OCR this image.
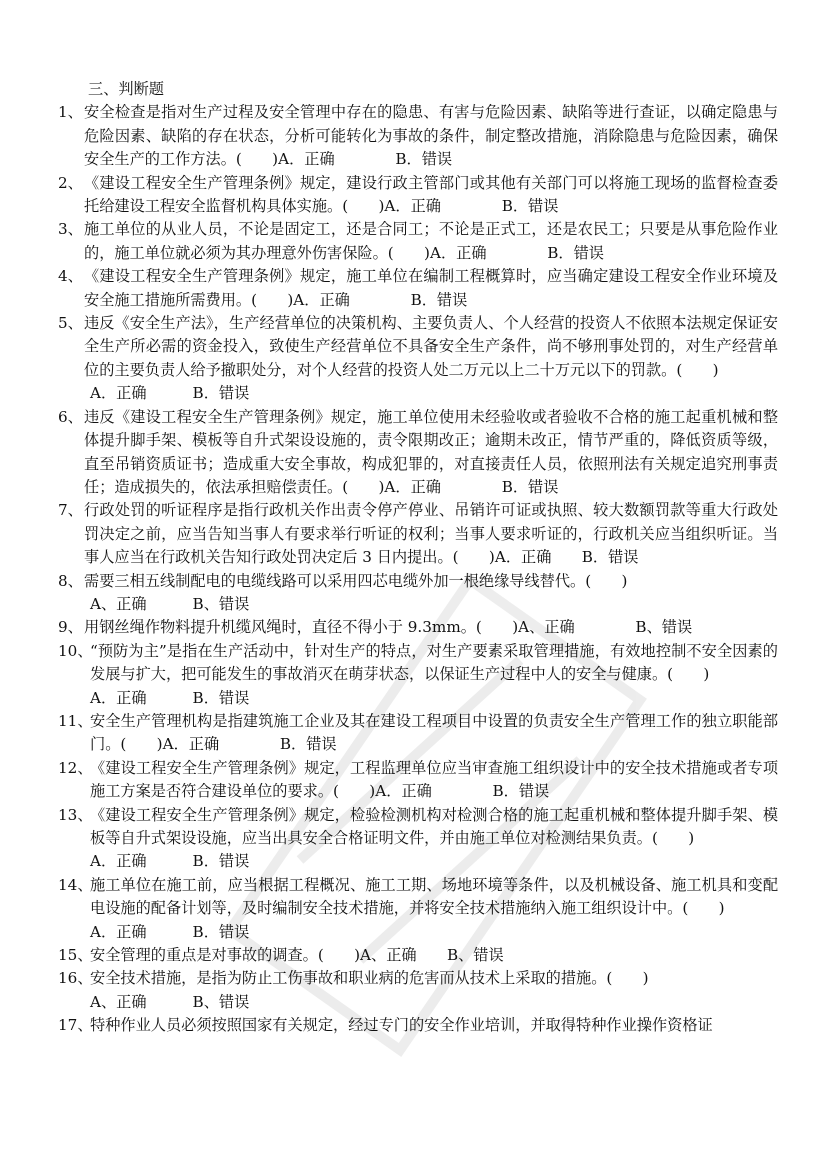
三、判断题
1、 安全检查是指对生产过程及安全管理中存在的隐患、有害与危险因素、缺陷等进行查证，以确定隐患与危险因素、缺陷的存在状态，分析可能转化为事故的条件，制定整改措施，消除隐患与危险因素，确保安全生产的工作方法。(　　)A．正确　　　　B．错误
2、 《建设工程安全生产管理条例》规定，建设行政主管部门或其他有关部门可以将施工现场的监督检查委托给建设工程安全监督机构具体实施。(　　)A．正确　　　　B．错误
3、 施工单位的从业人员，不论是固定工，还是合同工；不论是正式工，还是农民工；只要是从事危险作业的，施工单位就必须为其办理意外伤害保险。(　　)A．正确　　　　B．错误
4、 《建设工程安全生产管理条例》规定，施工单位在编制工程概算时，应当确定建设工程安全作业环境及安全施工措施所需费用。(　　)A．正确　　　　B．错误
5、 违反《安全生产法》，生产经营单位的决策机构、主要负责人、个人经营的投资人不依照本法规定保证安全生产所必需的资金投入，致使生产经营单位不具备安全生产条件，尚不够刑事处罚的，对生产经营单位的主要负责人给予撤职处分，对个人经营的投资人处二万元以上二十万元以下的罚款。(　　)
A．正确	B．错误
6、 违反《建设工程安全生产管理条例》规定，施工单位使用未经验收或者验收不合格的施工起重机械和整体提升脚手架、模板等自升式架设设施的，责令限期改正；逾期未改正，情节严重的，降低资质等级，直至吊销资质证书；造成重大安全事故，构成犯罪的，对直接责任人员，依照刑法有关规定追究刑事责任；造成损失的，依法承担赔偿责任。(　　)A．正确　　　　B．错误
7、 行政处罚的听证程序是指行政机关作出责令停产停业、吊销许可证或执照、较大数额罚款等重大行政处罚决定之前，应当告知当事人有要求举行听证的权利；当事人要求听证的，行政机关应当组织听证。当事人应当在行政机关告知行政处罚决定后 3 日内提出。(　　)A．正确　　B．错误
8、 需要三相五线制配电的电缆线路可以采用四芯电缆外加一根绝缘导线替代。(　　)
A、正确	B、错误
9、 用钢丝绳作物料提升机缆风绳时，直径不得小于 9.3mm。(　　)A、正确　　　　B、错误
10、
“预防为主”是指在生产活动中，针对生产的特点，对生产要素采取管理措施，有效地控制不安全因素的发展与扩大，把可能发生的事故消灭在萌芽状态，以保证生产过程中人的安全与健康。(　　)
A．正确	B．错误
11、
安全生产管理机构是指建筑施工企业及其在建设工程项目中设置的负责安全生产管理工作的独立职能部门。(　　)A．正确　　　　B．错误
12、
《建设工程安全生产管理条例》规定，工程监理单位应当审查施工组织设计中的安全技术措施或者专项施工方案是否符合建设单位的要求。(　　)A．正确　　　　B．错误
13、
《建设工程安全生产管理条例》规定，检验检测机构对检测合格的施工起重机械和整体提升脚手架、模板等自升式架设设施，应当出具安全合格证明文件，并由施工单位对检测结果负责。(　　)
A．正确	B．错误
14、
施工单位在施工前，应当根据工程概况、施工工期、场地环境等条件，以及机械设备、施工机具和变配电设施的配备计划等，及时编制安全技术措施，并将安全技术措施纳入施工组织设计中。(　　)
A．正确	B．错误
15、
安全管理的重点是对事故的调查。(　　)A、正确　　B、错误
16、
安全技术措施，是指为防止工伤事故和职业病的危害而从技术上采取的措施。(　　)
A、正确	B、错误
17、
特种作业人员必须按照国家有关规定，经过专门的安全作业培训，并取得特种作业操作资格证
